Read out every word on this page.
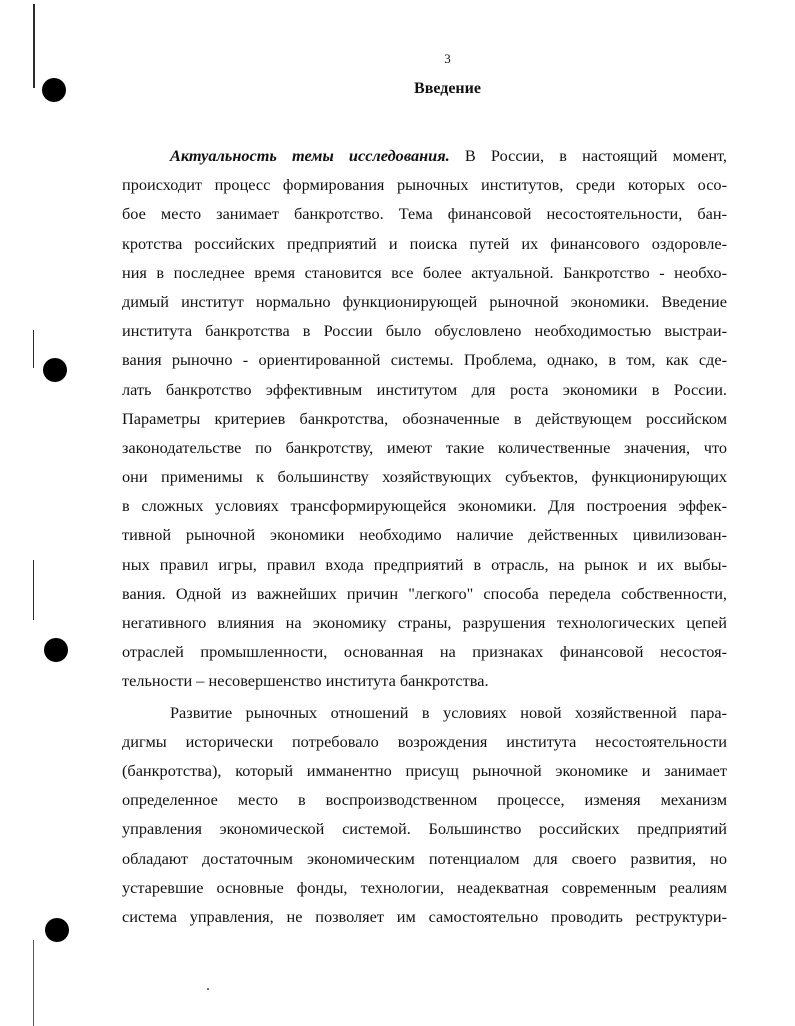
3
Введение
Актуальность темы исследования. В России, в настоящий момент,
происходит процесс формирования рыночных институтов, среди которых осо-
бое место занимает банкротство. Тема финансовой несостоятельности, бан-
кротства российских предприятий и поиска путей их финансового оздоровле-
ния в последнее время становится все более актуальной. Банкротство - необхо-
димый институт нормально функционирующей рыночной экономики. Введение
института банкротства в России было обусловлено необходимостью выстраи-
вания рыночно - ориентированной системы. Проблема, однако, в том, как сде-
лать банкротство эффективным институтом для роста экономики в России.
Параметры критериев банкротства, обозначенные в действующем российском
законодательстве по банкротству, имеют такие количественные значения, что
они применимы к большинству хозяйствующих субъектов, функционирующих
в сложных условиях трансформирующейся экономики. Для построения эффек-
тивной рыночной экономики необходимо наличие действенных цивилизован-
ных правил игры, правил входа предприятий в отрасль, на рынок и их выбы-
вания. Одной из важнейших причин "легкого" способа передела собственности,
негативного влияния на экономику страны, разрушения технологических цепей
отраслей промышленности, основанная на признаках финансовой несостоя-
тельности – несовершенство института банкротства.
Развитие рыночных отношений в условиях новой хозяйственной пара-
дигмы исторически потребовало возрождения института несостоятельности
(банкротства), который имманентно присущ рыночной экономике и занимает
определенное место в воспроизводственном процессе, изменяя механизм
управления экономической системой. Большинство российских предприятий
обладают достаточным экономическим потенциалом для своего развития, но
устаревшие основные фонды, технологии, неадекватная современным реалиям
система управления, не позволяет им самостоятельно проводить реструктури-
